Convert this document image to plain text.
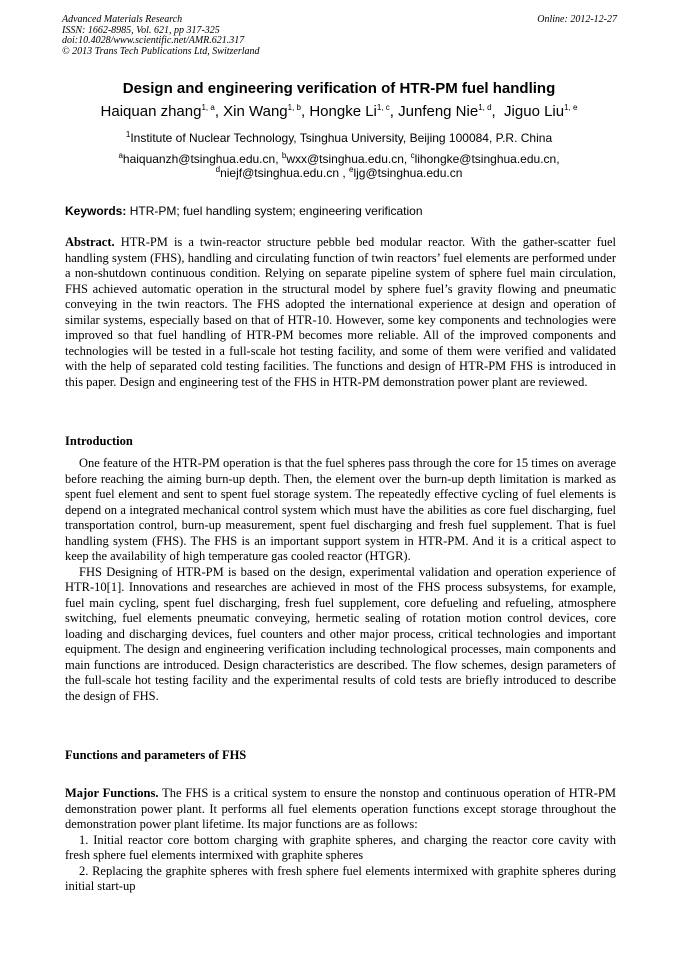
Advanced Materials Research
ISSN: 1662-8985, Vol. 621, pp 317-325
doi:10.4028/www.scientific.net/AMR.621.317
© 2013 Trans Tech Publications Ltd, Switzerland
Online: 2012-12-27
Design and engineering verification of HTR-PM fuel handling
Haiquan zhang$^{1, a}$, Xin Wang$^{1, b}$, Hongke Li$^{1, c}$, Junfeng Nie$^{1, d}$,  Jiguo Liu$^{1, e}$
$^1$Institute of Nuclear Technology, Tsinghua University, Beijing 100084, P.R. China
$^a$haiquanzh@tsinghua.edu.cn, $^b$wxx@tsinghua.edu.cn, $^c$lihongke@tsinghua.edu.cn,
$^d$niejf@tsinghua.edu.cn , $^e$ljg@tsinghua.edu.cn
Keywords: HTR-PM; fuel handling system; engineering verification

Abstract. HTR-PM is a twin-reactor structure pebble bed modular reactor. With the gather-scatter fuel handling system (FHS), handling and circulating function of twin reactors’ fuel elements are performed under a non-shutdown continuous condition. Relying on separate pipeline system of sphere fuel main circulation, FHS achieved automatic operation in the structural model by sphere fuel’s gravity flowing and pneumatic conveying in the twin reactors. The FHS adopted the international experience at design and operation of similar systems, especially based on that of HTR-10. However, some key components and technologies were improved so that fuel handling of HTR-PM becomes more reliable. All of the improved components and technologies will be tested in a full-scale hot testing facility, and some of them were verified and validated with the help of separated cold testing facilities. The functions and design of HTR-PM FHS is introduced in this paper. Design and engineering test of the FHS in HTR-PM demonstration power plant are reviewed.

Introduction

One feature of the HTR-PM operation is that the fuel spheres pass through the core for 15 times on average before reaching the aiming burn-up depth. Then, the element over the burn-up depth limitation is marked as spent fuel element and sent to spent fuel storage system. The repeatedly effective cycling of fuel elements is depend on a integrated mechanical control system which must have the abilities as core fuel discharging, fuel transportation control, burn-up measurement, spent fuel discharging and fresh fuel supplement. That is fuel handling system (FHS). The FHS is an important support system in HTR-PM. And it is a critical aspect to keep the availability of high temperature gas cooled reactor (HTGR).

FHS Designing of HTR-PM is based on the design, experimental validation and operation experience of HTR-10[1]. Innovations and researches are achieved in most of the FHS process subsystems, for example, fuel main cycling, spent fuel discharging, fresh fuel supplement, core defueling and refueling, atmosphere switching, fuel elements pneumatic conveying, hermetic sealing of rotation motion control devices, core loading and discharging devices, fuel counters and other major process, critical technologies and important equipment. The design and engineering verification including technological processes, main components and main functions are introduced. Design characteristics are described. The flow schemes, design parameters of the full-scale hot testing facility and the experimental results of cold tests are briefly introduced to describe the design of FHS.

Functions and parameters of FHS

Major Functions. The FHS is a critical system to ensure the nonstop and continuous operation of HTR-PM demonstration power plant. It performs all fuel elements operation functions except storage throughout the demonstration power plant lifetime. Its major functions are as follows:

1. Initial reactor core bottom charging with graphite spheres, and charging the reactor core cavity with fresh sphere fuel elements intermixed with graphite spheres

2. Replacing the graphite spheres with fresh sphere fuel elements intermixed with graphite spheres during initial start-up
